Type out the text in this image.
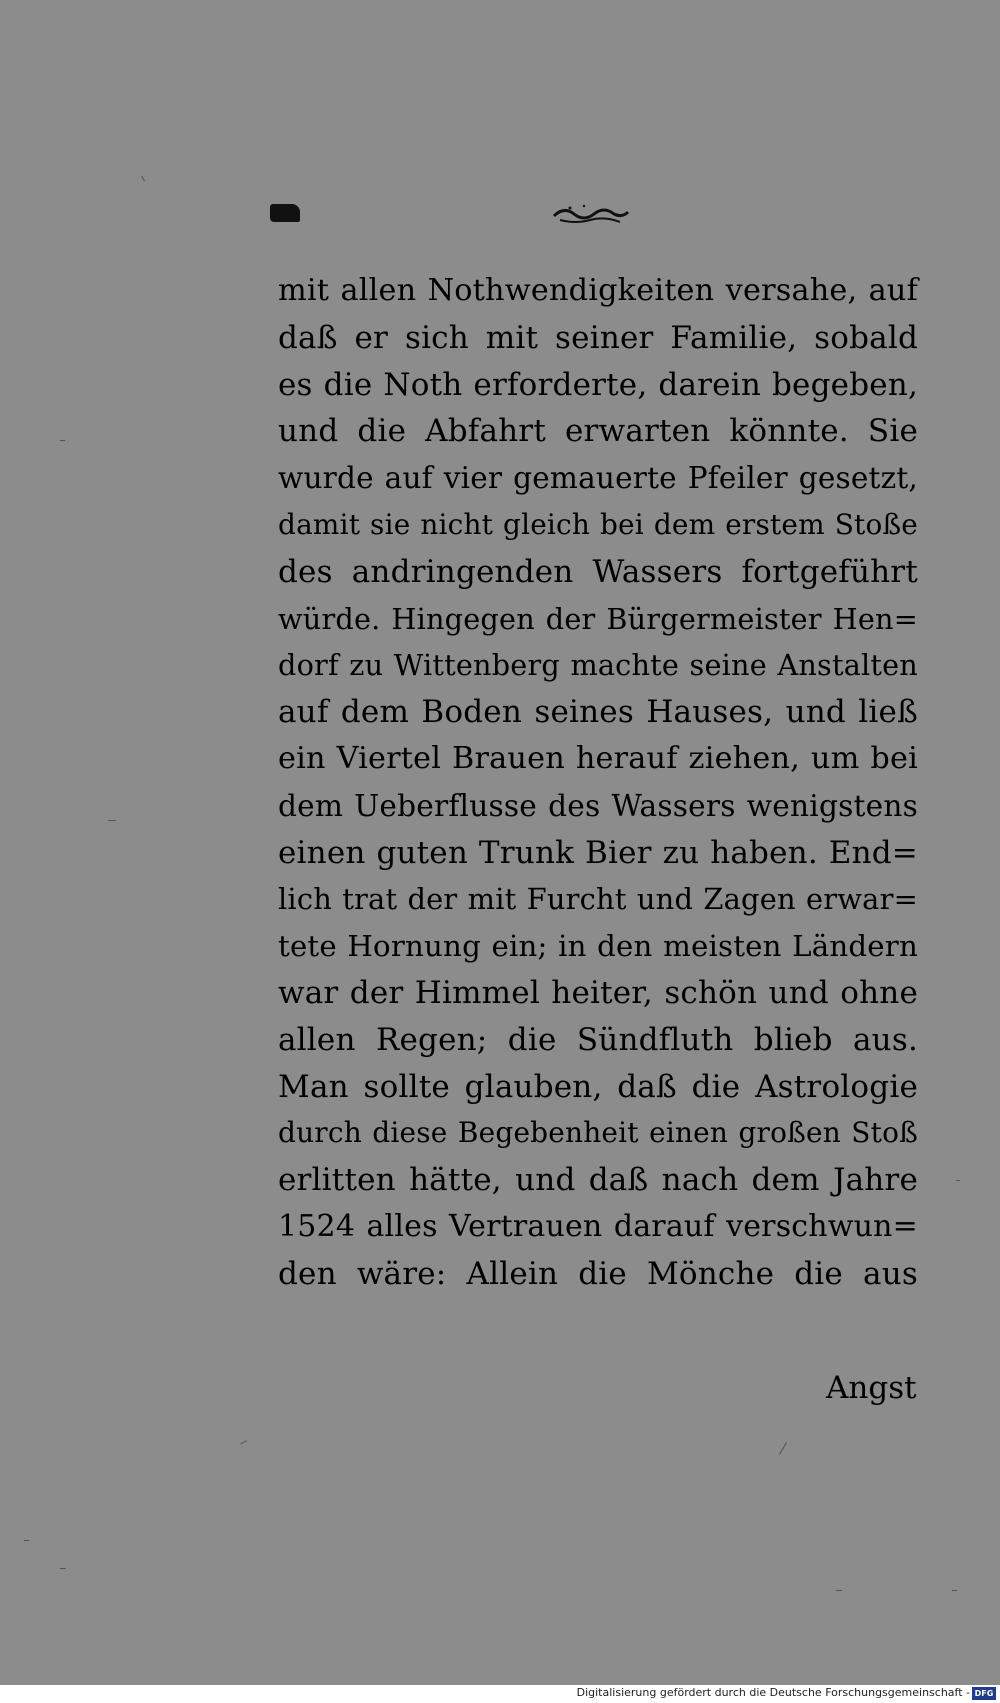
mit allen Nothwendigkeiten versahe, auf
daß er sich mit seiner Familie, sobald
es die Noth erforderte, darein begeben,
und die Abfahrt erwarten könnte. Sie
wurde auf vier gemauerte Pfeiler gesetzt,
damit sie nicht gleich bei dem erstem Stoße
des andringenden Wassers fortgeführt
würde. Hingegen der Bürgermeister Hen=
dorf zu Wittenberg machte seine Anstalten
auf dem Boden seines Hauses, und ließ
ein Viertel Brauen herauf ziehen, um bei
dem Ueberflusse des Wassers wenigstens
einen guten Trunk Bier zu haben. End=
lich trat der mit Furcht und Zagen erwar=
tete Hornung ein; in den meisten Ländern
war der Himmel heiter, schön und ohne
allen Regen; die Sündfluth blieb aus.
Man sollte glauben, daß die Astrologie
durch diese Begebenheit einen großen Stoß
erlitten hätte, und daß nach dem Jahre
1524 alles Vertrauen darauf verschwun=
den wäre: Allein die Mönche die aus
Angst
Digitalisierung gefördert durch die Deutsche Forschungsgemeinschaft - DFG
